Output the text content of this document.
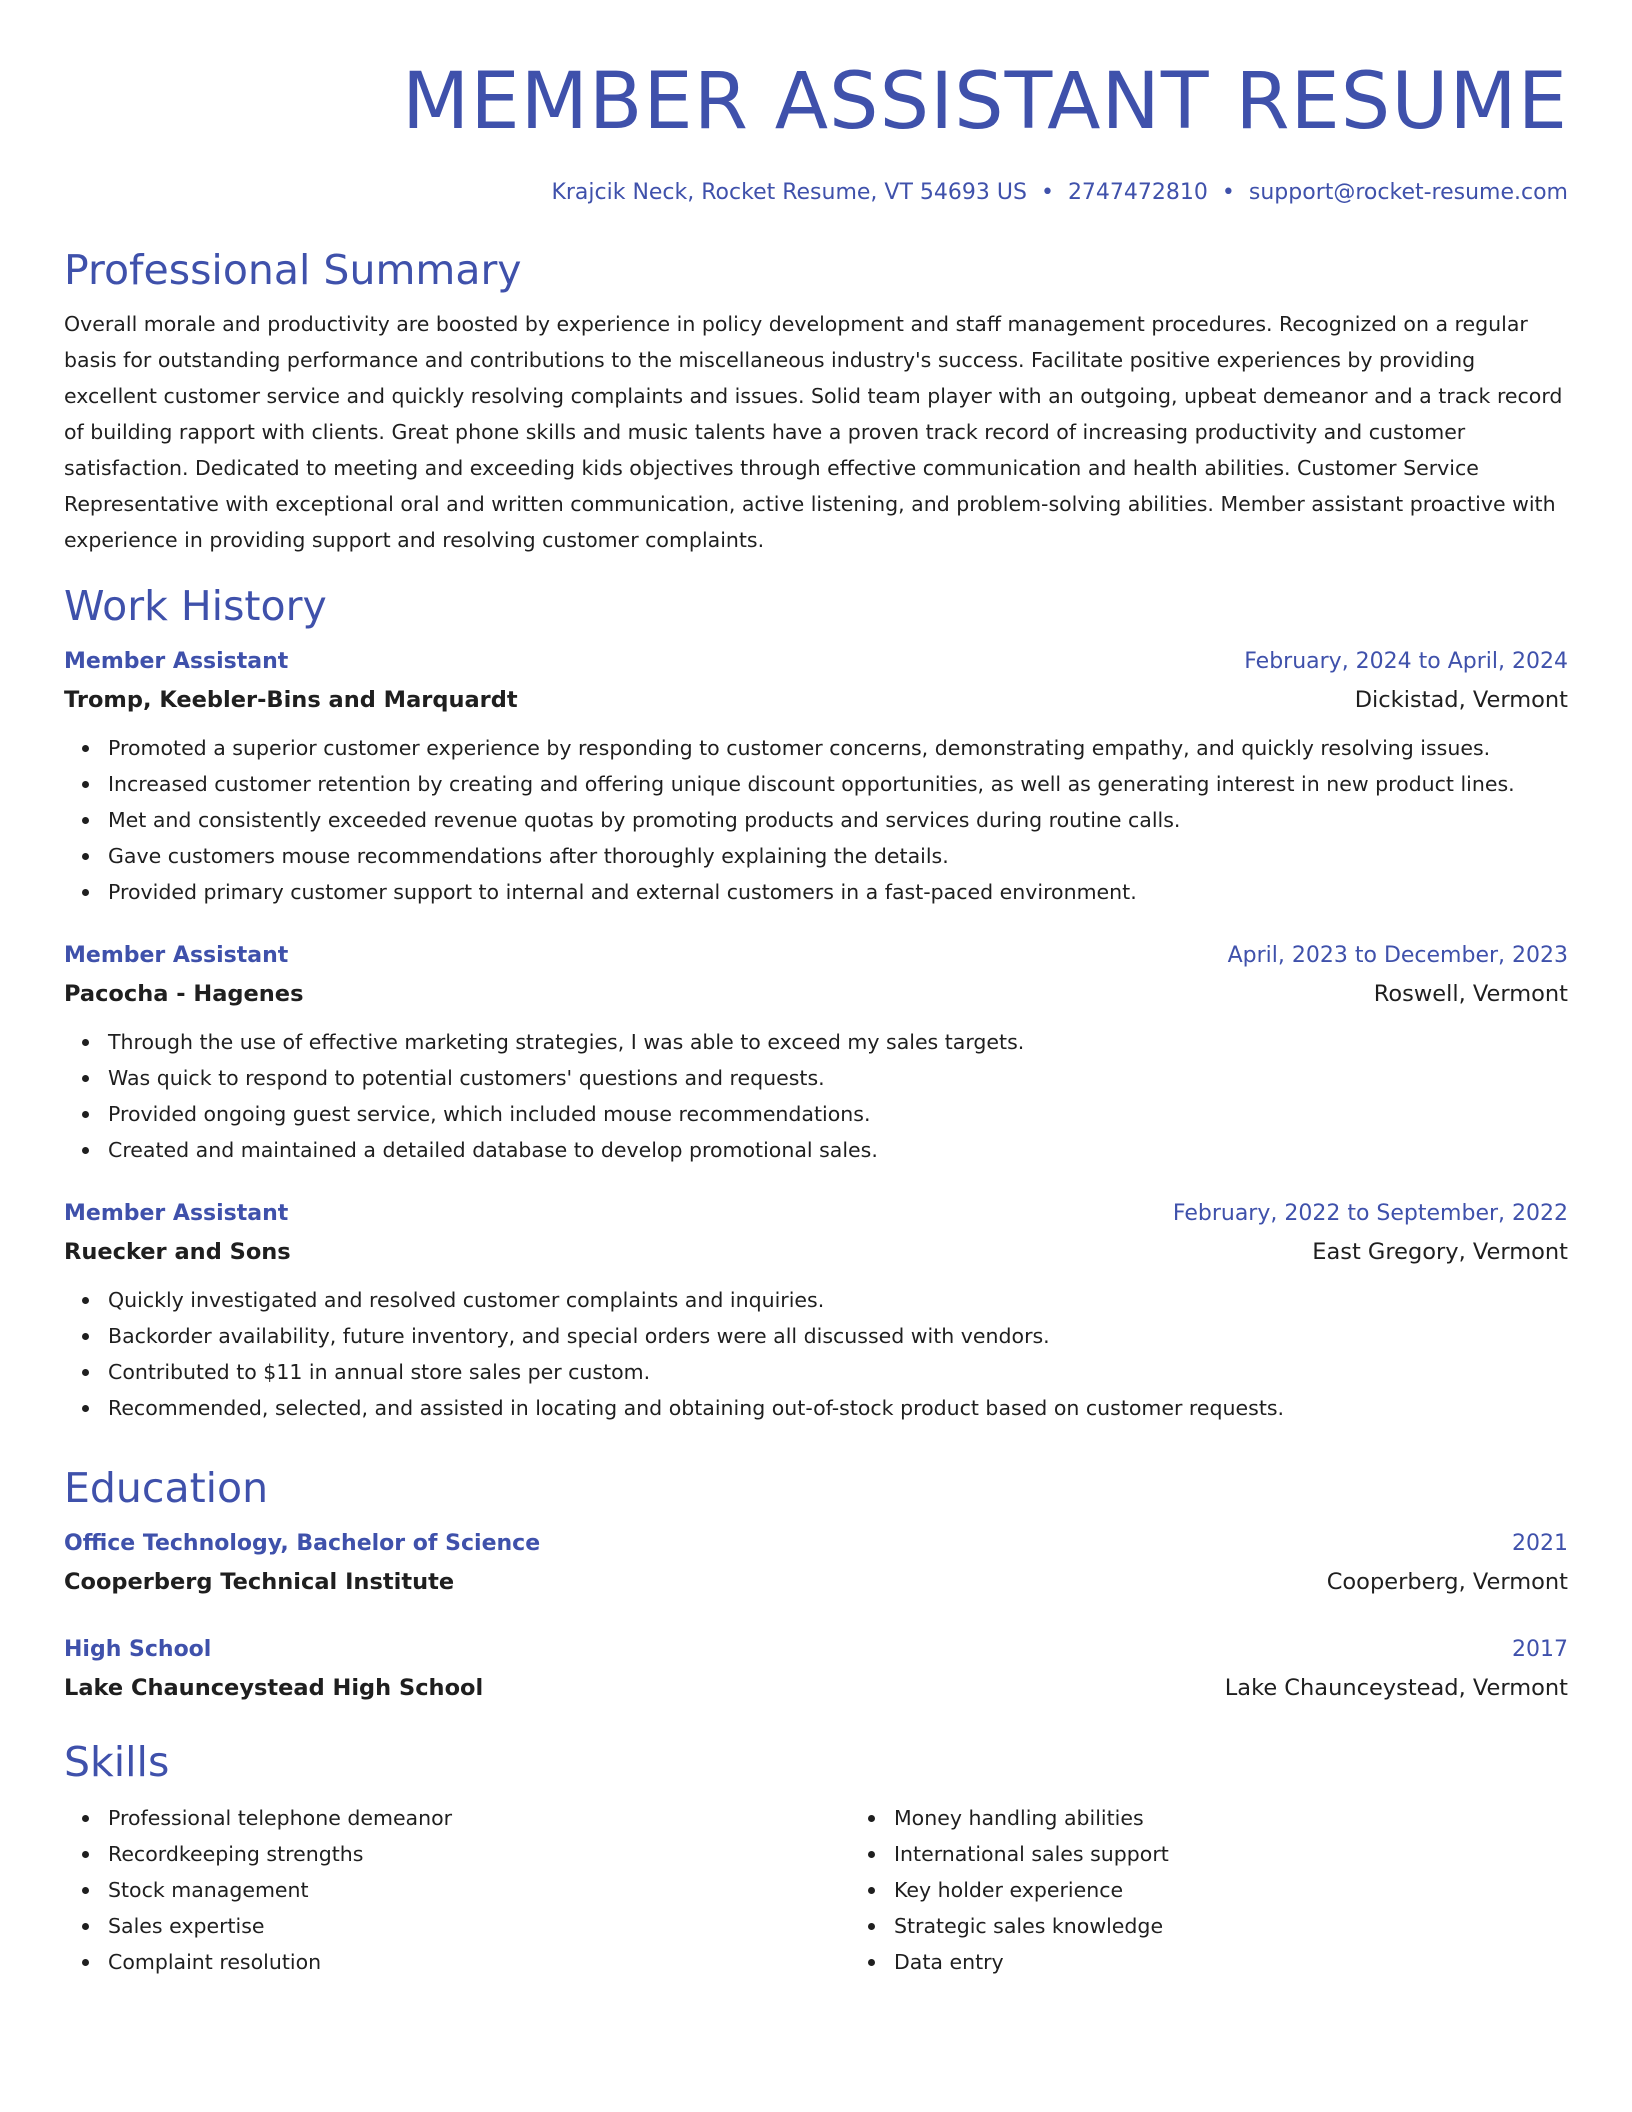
MEMBER ASSISTANT RESUME
Krajcik Neck, Rocket Resume, VT 54693 US • 2747472810 • support@rocket-resume.com
Professional Summary

Overall morale and productivity are boosted by experience in policy development and staff management procedures. Recognized on a regular basis for outstanding performance and contributions to the miscellaneous industry's success. Facilitate positive experiences by providing excellent customer service and quickly resolving complaints and issues. Solid team player with an outgoing, upbeat demeanor and a track record of building rapport with clients. Great phone skills and music talents have a proven track record of increasing productivity and customer satisfaction. Dedicated to meeting and exceeding kids objectives through effective communication and health abilities. Customer Service Representative with exceptional oral and written communication, active listening, and problem-solving abilities. Member assistant proactive with experience in providing support and resolving customer complaints.

Work History
Member Assistant	February, 2024 to April, 2024
Tromp, Keebler-Bins and Marquardt	Dickistad, Vermont
Promoted a superior customer experience by responding to customer concerns, demonstrating empathy, and quickly resolving issues.
Increased customer retention by creating and offering unique discount opportunities, as well as generating interest in new product lines.
Met and consistently exceeded revenue quotas by promoting products and services during routine calls.
Gave customers mouse recommendations after thoroughly explaining the details.
Provided primary customer support to internal and external customers in a fast-paced environment.
Member Assistant	April, 2023 to December, 2023
Pacocha - Hagenes	Roswell, Vermont
Through the use of effective marketing strategies, I was able to exceed my sales targets.
Was quick to respond to potential customers' questions and requests.
Provided ongoing guest service, which included mouse recommendations.
Created and maintained a detailed database to develop promotional sales.
Member Assistant	February, 2022 to September, 2022
Ruecker and Sons	East Gregory, Vermont
Quickly investigated and resolved customer complaints and inquiries.
Backorder availability, future inventory, and special orders were all discussed with vendors.
Contributed to $11 in annual store sales per custom.
Recommended, selected, and assisted in locating and obtaining out-of-stock product based on customer requests.
Education
Office Technology, Bachelor of Science	2021
Cooperberg Technical Institute	Cooperberg, Vermont
High School	2017
Lake Chaunceystead High School	Lake Chaunceystead, Vermont
Skills
Professional telephone demeanor
Recordkeeping strengths
Stock management
Sales expertise
Complaint resolution
Money handling abilities
International sales support
Key holder experience
Strategic sales knowledge
Data entry
